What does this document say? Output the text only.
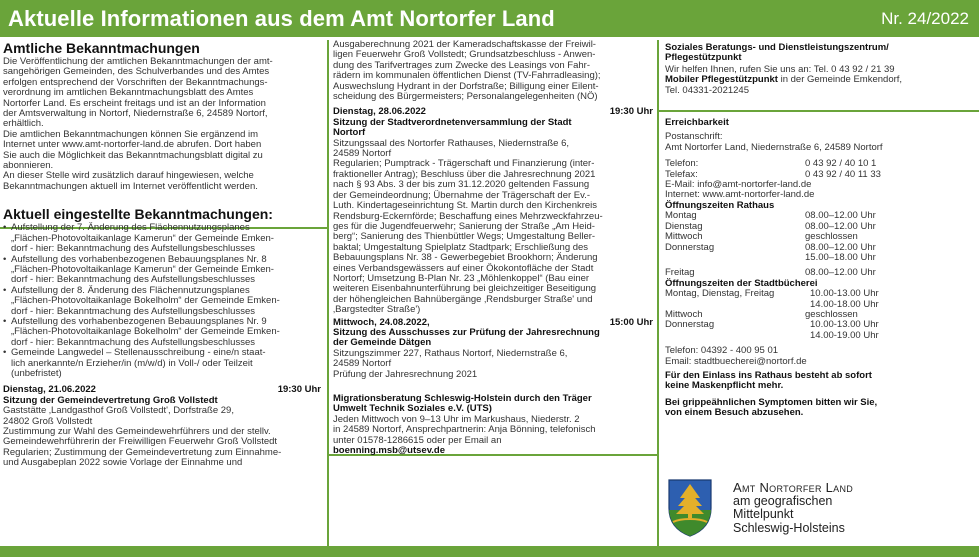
Aktuelle Informationen aus dem Amt Nortorfer Land	Nr. 24/2022
Amtliche Bekanntmachungen
Die Veröffentlichung der amtlichen Bekanntmachungen der amt-
sangehörigen Gemeinden, des Schulverbandes und des Amtes
erfolgen entsprechend der Vorschriften der Bekanntmachungs-
verordnung im amtlichen Bekanntmachungsblatt des Amtes
Nortorfer Land. Es erscheint freitags und ist an der Information
der Amtsverwaltung in Nortorf, Niedernstraße 6, 24589 Nortorf,
erhältlich.
Die amtlichen Bekanntmachungen können Sie ergänzend im
Internet unter www.amt-nortorfer-land.de abrufen. Dort haben
Sie auch die Möglichkeit das Bekanntmachungsblatt digital zu
abonnieren.
An dieser Stelle wird zusätzlich darauf hingewiesen, welche
Bekanntmachungen aktuell im Internet veröffentlicht werden.
Aktuell eingestellte Bekanntmachungen:
• Aufstellung der 7. Änderung des Flächennutzungsplanes
„Flächen-Photovoltaikanlage Kamerun“ der Gemeinde Emken-
dorf - hier: Bekanntmachung des Aufstellungsbeschlusses
• Aufstellung des vorhabenbezogenen Bebauungsplanes Nr. 8
„Flächen-Photovoltaikanlage Kamerun“ der Gemeinde Emken-
dorf - hier: Bekanntmachung des Aufstellungsbeschlusses
• Aufstellung der 8. Änderung des Flächennutzungsplanes
„Flächen-Photovoltaikanlage Bokelholm“ der Gemeinde Emken-
dorf - hier: Bekanntmachung des Aufstellungsbeschlusses
• Aufstellung des vorhabenbezogenen Bebauungsplanes Nr. 9
„Flächen-Photovoltaikanlage Bokelholm“ der Gemeinde Emken-
dorf - hier: Bekanntmachung des Aufstellungsbeschlusses
• Gemeinde Langwedel – Stellenausschreibung - eine/n staat-
lich anerkannte/n Erzieher/in (m/w/d) in Voll-/ oder Teilzeit
(unbefristet)
Dienstag, 21.06.2022	19:30 Uhr
Sitzung der Gemeindevertretung Groß Vollstedt
Gaststätte ‚Landgasthof Groß Vollstedt', Dorfstraße 29,
24802 Groß Vollstedt
Zustimmung zur Wahl des Gemeindewehrführers und der stellv.
Gemeindewehrführerin der Freiwilligen Feuerwehr Groß Vollstedt
Regularien; Zustimmung der Gemeindevertretung zum Einnahme-
und Ausgabeplan 2022 sowie Vorlage der Einnahme und
Ausgaberechnung 2021 der Kameradschaftskasse der Freiwil-
ligen Feuerwehr Groß Vollstedt; Grundsatzbeschluss - Anwen-
dung des Tarifvertrages zum Zwecke des Leasings von Fahr-
rädern im kommunalen öffentlichen Dienst (TV-Fahrradleasing);
Auswechslung Hydrant in der Dorfstraße; Billigung einer Eilent-
scheidung des Bürgermeisters; Personalangelegenheiten (NÖ)
Dienstag, 28.06.2022	19:30 Uhr
Sitzung der Stadtverordnetenversammlung der Stadt
Nortorf
Sitzungssaal des Nortorfer Rathauses, Niedernstraße 6,
24589 Nortorf
Regularien; Pumptrack - Trägerschaft und Finanzierung (inter-
fraktioneller Antrag); Beschluss über die Jahresrechnung 2021
nach § 93 Abs. 3 der bis zum 31.12.2020 geltenden Fassung
der Gemeindeordnung; Übernahme der Trägerschaft der Ev.-
Luth. Kindertageseinrichtung St. Martin durch den Kirchenkreis
Rendsburg-Eckernförde; Beschaffung eines Mehrzweckfahrzeu-
ges für die Jugendfeuerwehr; Sanierung der Straße „Am Heid-
berg“; Sanierung des Thienbüttler Wegs; Umgestaltung Beller-
baktal; Umgestaltung Spielplatz Stadtpark; Erschließung des
Bebauungsplans Nr. 38 - Gewerbegebiet Brookhorn; Änderung
eines Verbandsgewässers auf einer Ökokontofläche der Stadt
Nortorf; Umsetzung B-Plan Nr. 23 „Möhlenkoppel“ (Bau einer
weiteren Eisenbahnunterführung bei gleichzeitiger Beseitigung
der höhengleichen Bahnübergänge ‚Rendsburger Straße' und
‚Bargstedter Straße')
Mittwoch, 24.08.2022,	15:00 Uhr
Sitzung des Ausschusses zur Prüfung der Jahresrechnung
der Gemeinde Dätgen
Sitzungszimmer 227, Rathaus Nortorf, Niedernstraße 6,
24589 Nortorf
Prüfung der Jahresrechnung 2021
Migrationsberatung Schleswig-Holstein durch den Träger
Umwelt Technik Soziales e.V. (UTS)
Jeden Mittwoch von 9–13 Uhr im Markushaus, Niederstr. 2
in 24589 Nortorf, Ansprechpartnerin: Anja Bönning, telefonisch
unter 01578-1286615 oder per Email an
boenning.msb@utsev.de
Soziales Beratungs- und Dienstleistungszentrum/
Pflegestützpunkt
Wir helfen Ihnen, rufen Sie uns an: Tel. 0 43 92 / 21 39
Mobiler Pflegestützpunkt in der Gemeinde Emkendorf,
Tel. 04331-2021245
Erreichbarkeit
Postanschrift:
Amt Nortorfer Land, Niedernstraße 6, 24589 Nortorf
Telefon:	0 43 92 / 40 10 1
Telefax:	0 43 92 / 40 11 33
E-Mail: info@amt-nortorfer-land.de
Internet: www.amt-nortorfer-land.de
Öffnungszeiten Rathaus
Montag	08.00–12.00 Uhr
Dienstag	08.00–12.00 Uhr
Mittwoch	geschlossen
Donnerstag	08.00–12.00 Uhr
15.00–18.00 Uhr
Freitag	08.00–12.00 Uhr
Öffnungszeiten der Stadtbücherei
Montag, Dienstag, Freitag	10.00-13.00 Uhr
14.00-18.00 Uhr
Mittwoch	geschlossen
Donnerstag	10.00-13.00 Uhr
14.00-19.00 Uhr
Telefon: 04392 - 400 95 01
Email: stadtbuecherei@nortorf.de
Für den Einlass ins Rathaus besteht ab sofort
keine Maskenpflicht mehr.
Bei grippeähnlichen Symptomen bitten wir Sie,
von einem Besuch abzusehen.
Amt Nortorfer Land
am geografischen
Mittelpunkt
Schleswig-Holsteins
